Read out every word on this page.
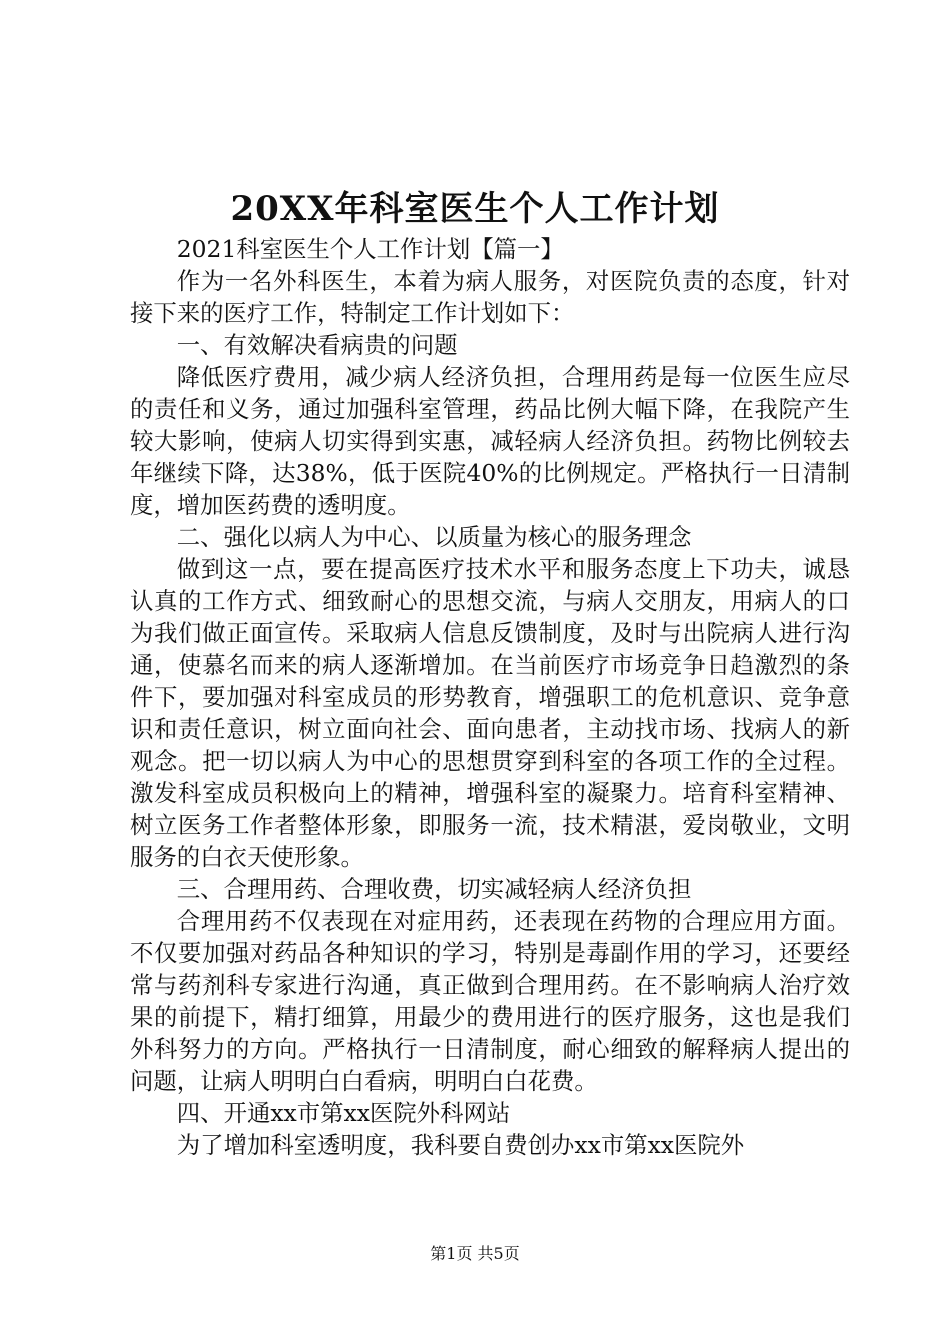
20XX年科室医生个人工作计划

2021科室医生个人工作计划【篇一】

作为一名外科医生，本着为病人服务，对医院负责的态度，针对接下来的医疗工作，特制定工作计划如下：

一、有效解决看病贵的问题

降低医疗费用，减少病人经济负担，合理用药是每一位医生应尽的责任和义务，通过加强科室管理，药品比例大幅下降，在我院产生较大影响，使病人切实得到实惠，减轻病人经济负担。药物比例较去年继续下降，达38%，低于医院40%的比例规定。严格执行一日清制度，增加医药费的透明度。

二、强化以病人为中心、以质量为核心的服务理念

做到这一点，要在提高医疗技术水平和服务态度上下功夫，诚恳认真的工作方式、细致耐心的思想交流，与病人交朋友，用病人的口为我们做正面宣传。采取病人信息反馈制度，及时与出院病人进行沟通，使慕名而来的病人逐渐增加。在当前医疗市场竞争日趋激烈的条件下，要加强对科室成员的形势教育，增强职工的危机意识、竞争意识和责任意识，树立面向社会、面向患者，主动找市场、找病人的新观念。把一切以病人为中心的思想贯穿到科室的各项工作的全过程。激发科室成员积极向上的精神，增强科室的凝聚力。培育科室精神、树立医务工作者整体形象，即服务一流，技术精湛，爱岗敬业，文明服务的白衣天使形象。

三、合理用药、合理收费，切实减轻病人经济负担

合理用药不仅表现在对症用药，还表现在药物的合理应用方面。不仅要加强对药品各种知识的学习，特别是毒副作用的学习，还要经常与药剂科专家进行沟通，真正做到合理用药。在不影响病人治疗效果的前提下，精打细算，用最少的费用进行的医疗服务，这也是我们外科努力的方向。严格执行一日清制度，耐心细致的解释病人提出的问题，让病人明明白白看病，明明白白花费。

四、开通xx市第xx医院外科网站

为了增加科室透明度，我科要自费创办xx市第xx医院外

第1页 共5页
